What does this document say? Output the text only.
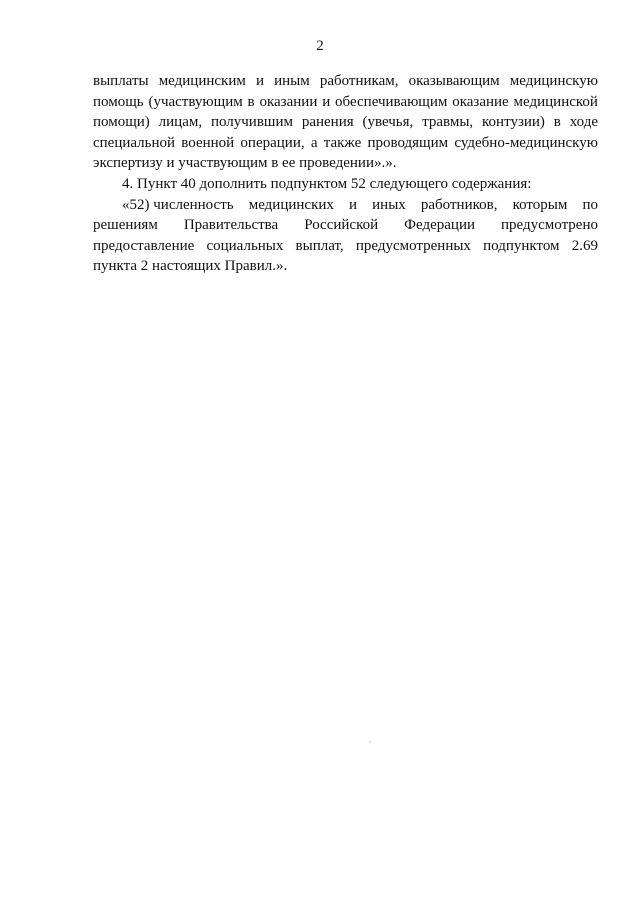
2
выплаты медицинским и иным работникам, оказывающим медицинскую
помощь (участвующим в оказании и обеспечивающим оказание медицинской
помощи) лицам, получившим ранения (увечья, травмы, контузии) в ходе
специальной военной операции, а также проводящим судебно-медицинскую
экспертизу и участвующим в ее проведении».».
4. Пункт 40 дополнить подпунктом 52 следующего содержания:
«52) численность медицинских и иных работников, которым по
решениям Правительства Российской Федерации предусмотрено
предоставление социальных выплат, предусмотренных подпунктом 2.69
пункта 2 настоящих Правил.».
